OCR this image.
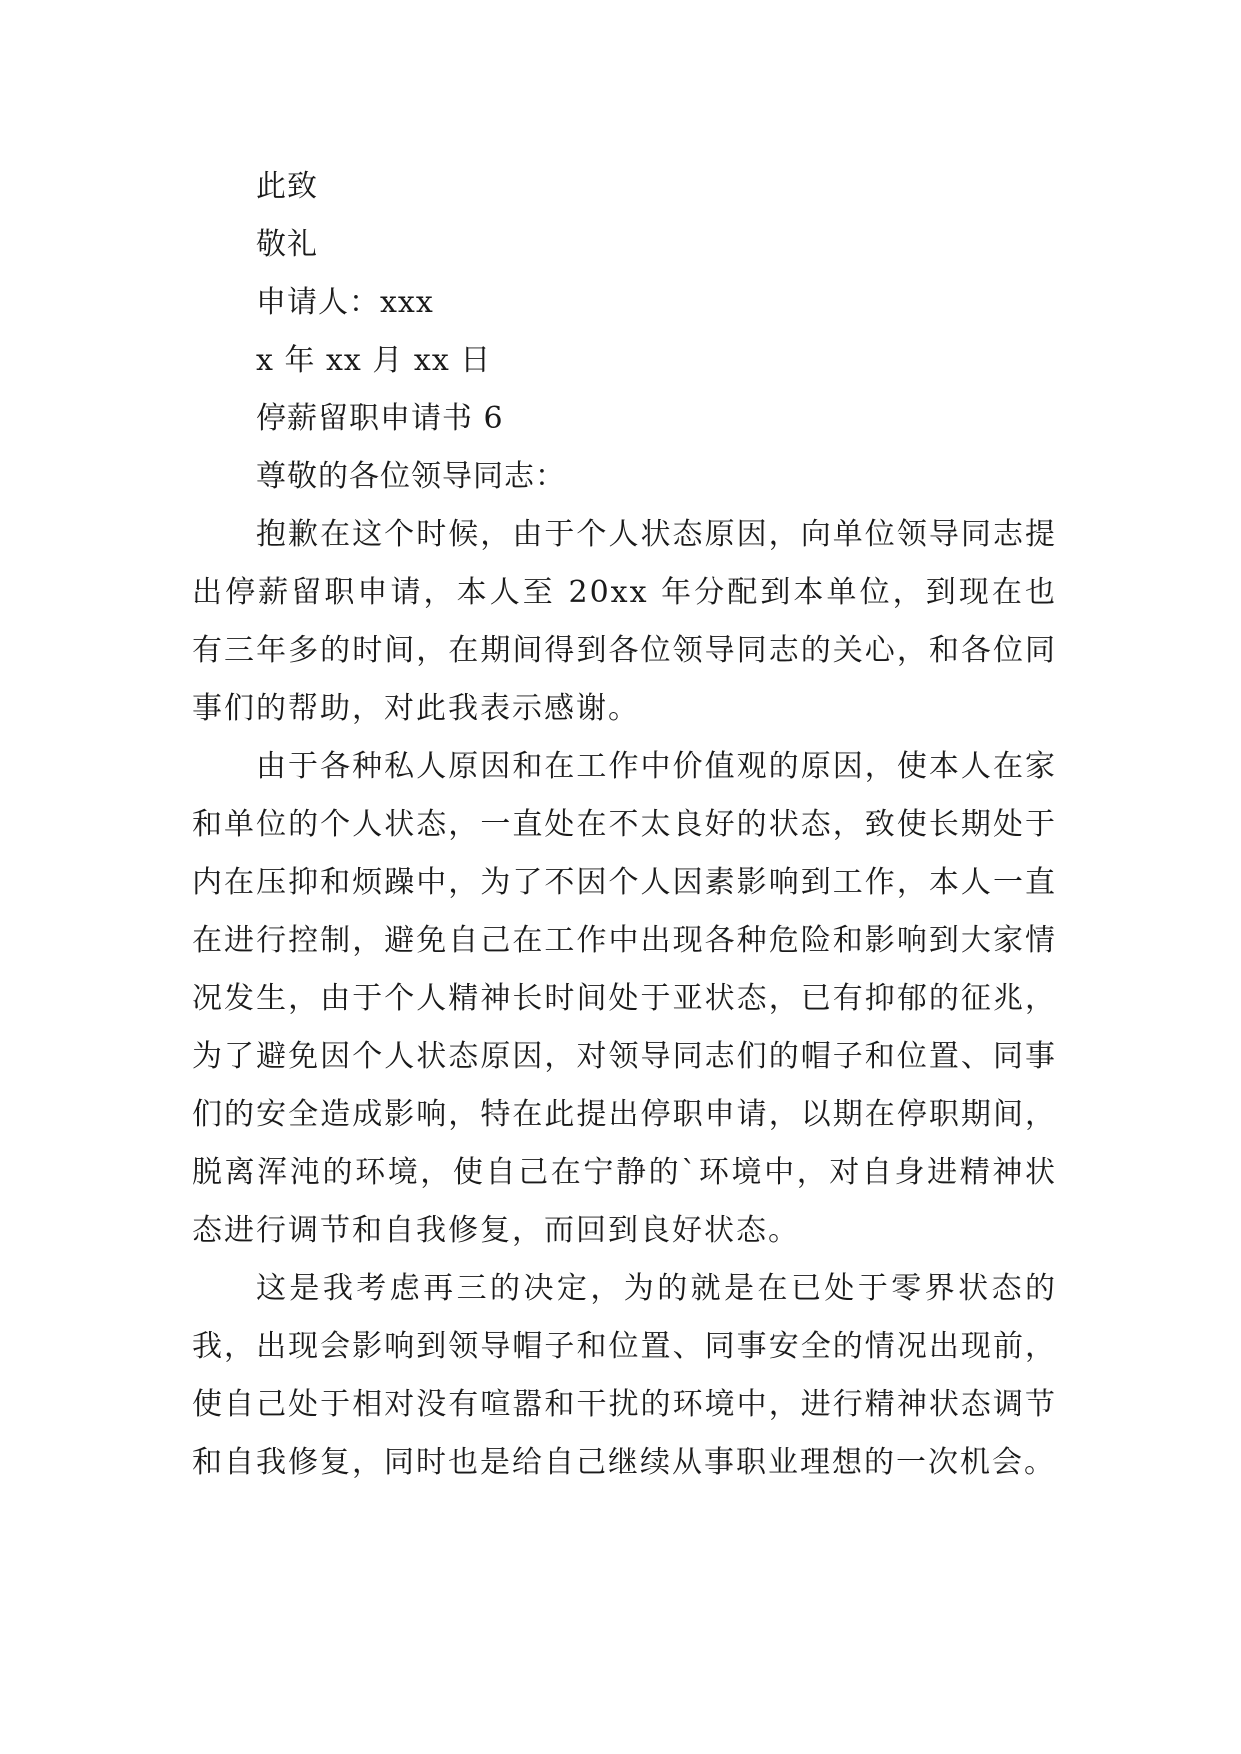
此致
敬礼
申请人：xxx
x 年 xx 月 xx 日
停薪留职申请书 6
尊敬的各位领导同志：

抱歉在这个时候，由于个人状态原因，向单位领导同志提出停薪留职申请，本人至 20xx 年分配到本单位，到现在也有三年多的时间，在期间得到各位领导同志的关心，和各位同事们的帮助，对此我表示感谢。

由于各种私人原因和在工作中价值观的原因，使本人在家和单位的个人状态，一直处在不太良好的状态，致使长期处于内在压抑和烦躁中，为了不因个人因素影响到工作，本人一直在进行控制，避免自己在工作中出现各种危险和影响到大家情况发生，由于个人精神长时间处于亚状态，已有抑郁的征兆，为了避免因个人状态原因，对领导同志们的帽子和位置、同事们的安全造成影响，特在此提出停职申请，以期在停职期间，脱离浑沌的环境，使自己在宁静的`环境中，对自身进精神状态进行调节和自我修复，而回到良好状态。

这是我考虑再三的决定，为的就是在已处于零界状态的我，出现会影响到领导帽子和位置、同事安全的情况出现前，使自己处于相对没有喧嚣和干扰的环境中，进行精神状态调节和自我修复，同时也是给自己继续从事职业理想的一次机会。
